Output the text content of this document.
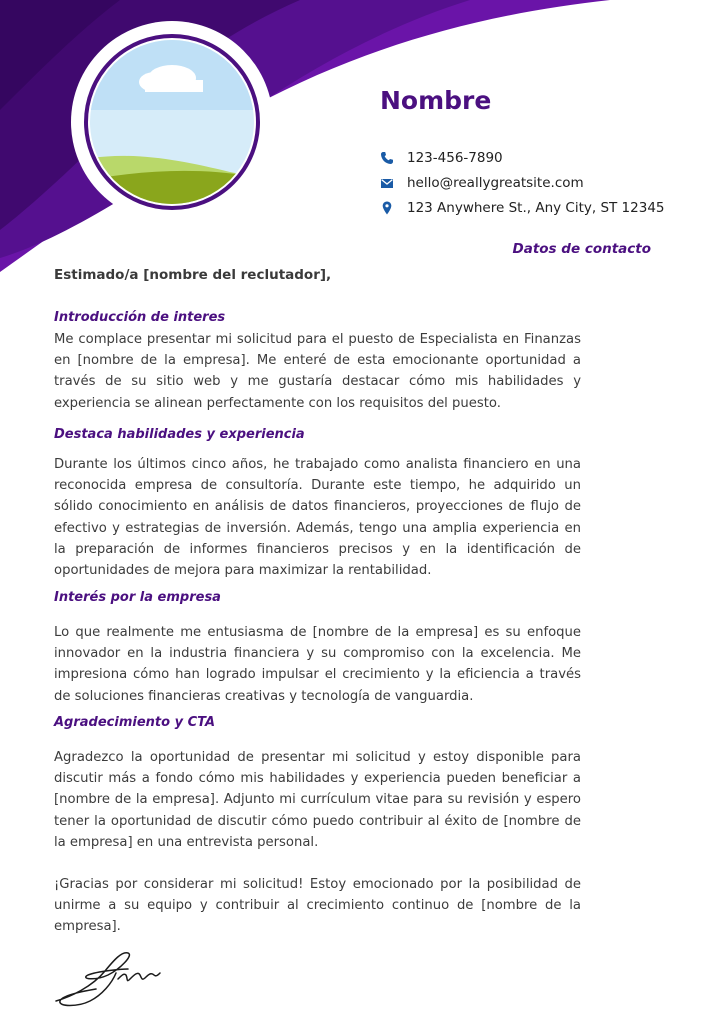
Nombre
123-456-7890
hello@reallygreatsite.com
123 Anywhere St., Any City, ST 12345
Datos de contacto
Estimado/a [nombre del reclutador],
Introducción de interes

Me complace presentar mi solicitud para el puesto de Especialista en Finanzas en [nombre de la empresa]. Me enteré de esta emocionante oportunidad a través de su sitio web y me gustaría destacar cómo mis habilidades y experiencia se alinean perfectamente con los requisitos del puesto.

Destaca habilidades y experiencia

Durante los últimos cinco años, he trabajado como analista financiero en una reconocida empresa de consultoría. Durante este tiempo, he adquirido un sólido conocimiento en análisis de datos financieros, proyecciones de flujo de efectivo y estrategias de inversión. Además, tengo una amplia experiencia en la preparación de informes financieros precisos y en la identificación de oportunidades de mejora para maximizar la rentabilidad.

Interés por la empresa

Lo que realmente me entusiasma de [nombre de la empresa] es su enfoque innovador en la industria financiera y su compromiso con la excelencia. Me impresiona cómo han logrado impulsar el crecimiento y la eficiencia a través de soluciones financieras creativas y tecnología de vanguardia.

Agradecimiento y CTA

Agradezco la oportunidad de presentar mi solicitud y estoy disponible para discutir más a fondo cómo mis habilidades y experiencia pueden beneficiar a [nombre de la empresa]. Adjunto mi currículum vitae para su revisión y espero tener la oportunidad de discutir cómo puedo contribuir al éxito de [nombre de la empresa] en una entrevista personal.

¡Gracias por considerar mi solicitud! Estoy emocionado por la posibilidad de unirme a su equipo y contribuir al crecimiento continuo de [nombre de la empresa].
